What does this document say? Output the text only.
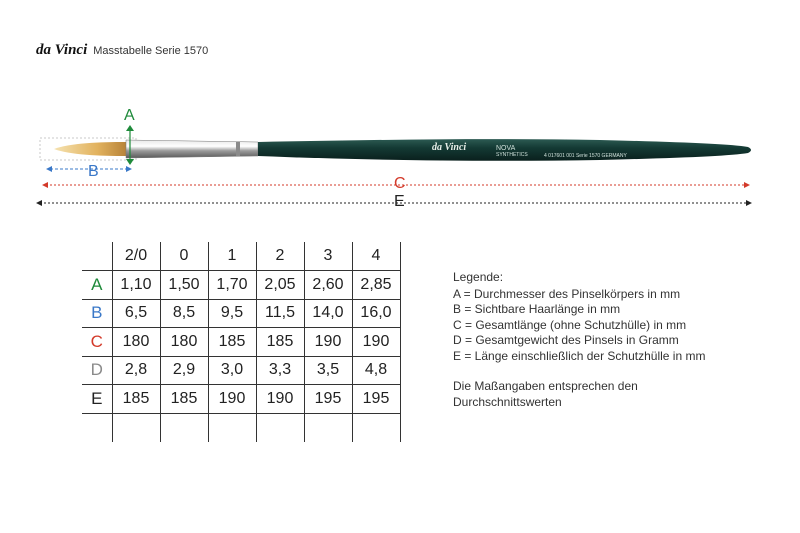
da Vinci Masstabelle Serie 1570
A
B
C
E
da Vinci	NOVA
SYNTHETICS	4 017601 001 Serie 1570 GERMANY
	2/0	0	1	2	3	4
A	1,10	1,50	1,70	2,05	2,60	2,85
B	6,5	8,5	9,5	11,5	14,0	16,0
C	180	180	185	185	190	190
D	2,8	2,9	3,0	3,3	3,5	4,8
E	185	185	190	190	195	195

Legende:
A = Durchmesser des Pinselkörpers in mm
B = Sichtbare Haarlänge in mm
C = Gesamtlänge (ohne Schutzhülle) in mm
D = Gesamtgewicht des Pinsels in Gramm
E = Länge einschließlich der Schutzhülle in mm
Die Maßangaben entsprechen den
Durchschnittswerten
